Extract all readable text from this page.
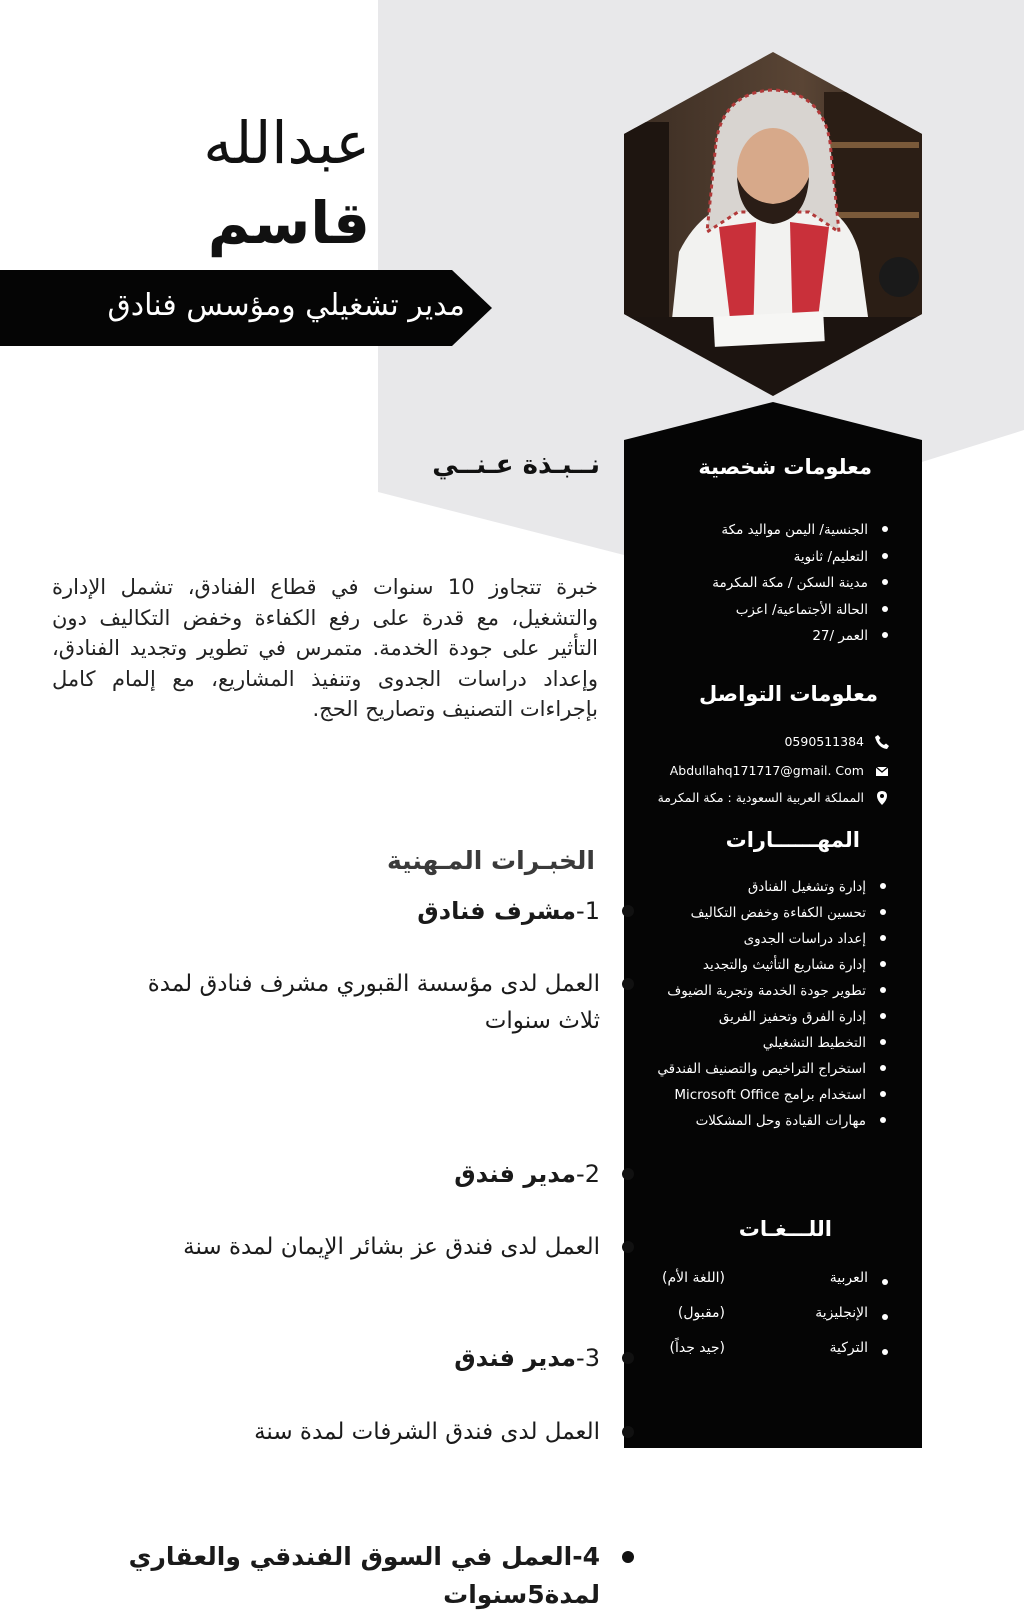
عبدالله
قاسم
مدير تشغيلي ومؤسس فنادق
نــبـذة عـنــي
خبرة تتجاوز 10 سنوات في قطاع الفنادق، تشمل الإدارة والتشغيل، مع قدرة على رفع الكفاءة وخفض التكاليف دون التأثير على جودة الخدمة. متمرس في تطوير وتجديد الفنادق، وإعداد دراسات الجدوى وتنفيذ المشاريع، مع إلمام كامل بإجراءات التصنيف وتصاريح الحج.
الخبـرات المـهنية
1-مشرف فنادق
العمل لدى مؤسسة القبوري مشرف فنادق لمدة ثلاث سنوات
2-مدير فندق
العمل لدى فندق عز بشائر الإيمان لمدة سنة
3-مدير فندق
العمل لدى فندق الشرفات لمدة سنة
4-العمل في السوق الفندقي والعقاري لمدة5سنوات
معلومات شخصية
الجنسية/ اليمن مواليد مكة
التعليم/ ثانوية
مدينة السكن / مكة المكرمة
الحالة الأجتماعية/ اعزب
العمر /27
معلومات التواصل
0590511384
Abdullahq171717@gmail. Com
المملكة العربية السعودية : مكة المكرمة
المهــــــارات
إدارة وتشغيل الفنادق
تحسين الكفاءة وخفض التكاليف
إعداد دراسات الجدوى
إدارة مشاريع التأثيث والتجديد
تطوير جودة الخدمة وتجربة الضيوف
إدارة الفرق وتحفيز الفريق
التخطيط التشغيلي
استخراج التراخيص والتصنيف الفندقي
استخدام برامج Microsoft Office
مهارات القيادة وحل المشكلات
اللـــغـات
العربية
(اللغة الأم)
الإنجليزية
(مقبول)
التركية
(جيد جداً)
